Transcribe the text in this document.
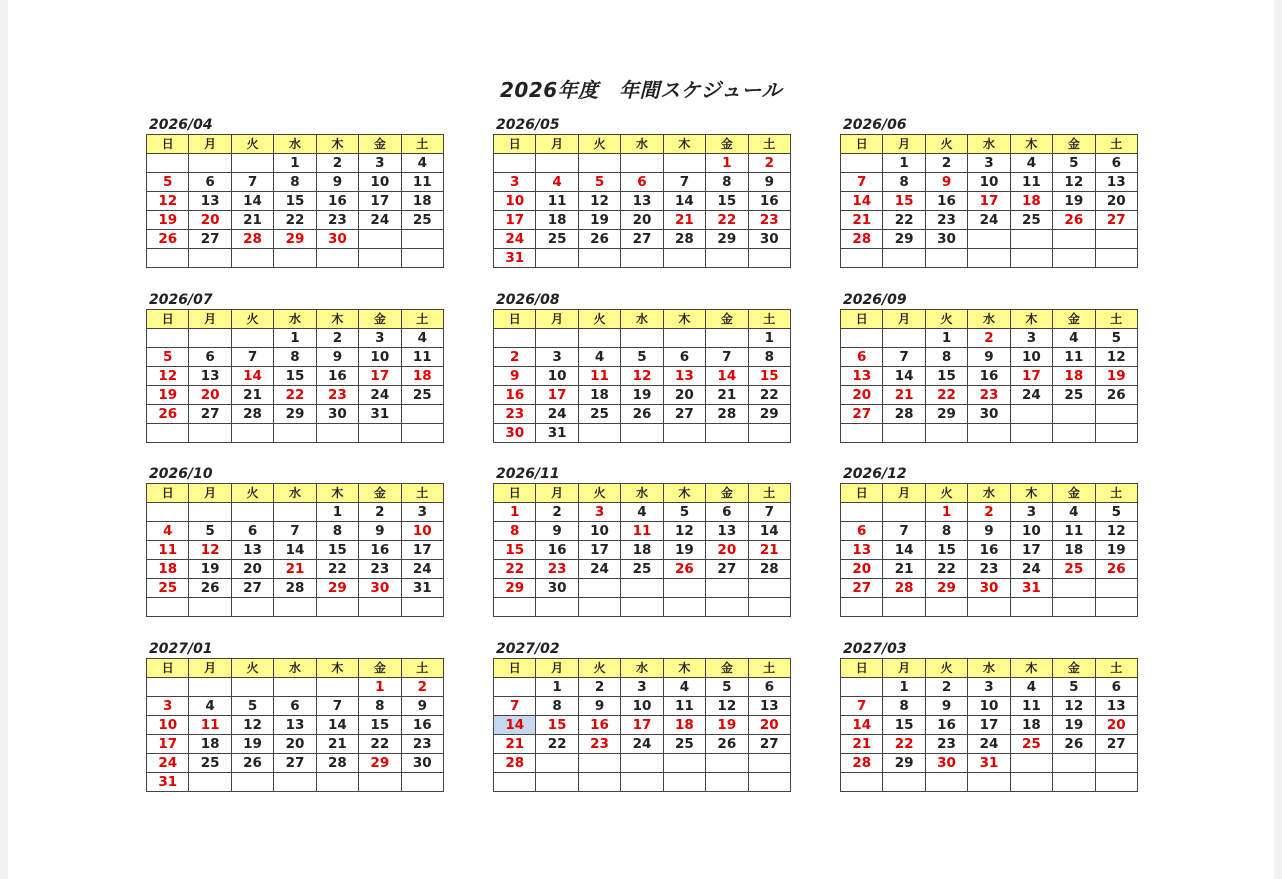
2026年度　年間スケジュール
2026/04
日	月	火	水	木	金	土
			1	2	3	4
5	6	7	8	9	10	11
12	13	14	15	16	17	18
19	20	21	22	23	24	25
26	27	28	29	30		

2026/05
日	月	火	水	木	金	土
					1	2
3	4	5	6	7	8	9
10	11	12	13	14	15	16
17	18	19	20	21	22	23
24	25	26	27	28	29	30
31						
2026/06
日	月	火	水	木	金	土
	1	2	3	4	5	6
7	8	9	10	11	12	13
14	15	16	17	18	19	20
21	22	23	24	25	26	27
28	29	30				

2026/07
日	月	火	水	木	金	土
			1	2	3	4
5	6	7	8	9	10	11
12	13	14	15	16	17	18
19	20	21	22	23	24	25
26	27	28	29	30	31	

2026/08
日	月	火	水	木	金	土
						1
2	3	4	5	6	7	8
9	10	11	12	13	14	15
16	17	18	19	20	21	22
23	24	25	26	27	28	29
30	31					
2026/09
日	月	火	水	木	金	土
		1	2	3	4	5
6	7	8	9	10	11	12
13	14	15	16	17	18	19
20	21	22	23	24	25	26
27	28	29	30			

2026/10
日	月	火	水	木	金	土
				1	2	3
4	5	6	7	8	9	10
11	12	13	14	15	16	17
18	19	20	21	22	23	24
25	26	27	28	29	30	31

2026/11
日	月	火	水	木	金	土
1	2	3	4	5	6	7
8	9	10	11	12	13	14
15	16	17	18	19	20	21
22	23	24	25	26	27	28
29	30					

2026/12
日	月	火	水	木	金	土
		1	2	3	4	5
6	7	8	9	10	11	12
13	14	15	16	17	18	19
20	21	22	23	24	25	26
27	28	29	30	31		

2027/01
日	月	火	水	木	金	土
					1	2
3	4	5	6	7	8	9
10	11	12	13	14	15	16
17	18	19	20	21	22	23
24	25	26	27	28	29	30
31						
2027/02
日	月	火	水	木	金	土
	1	2	3	4	5	6
7	8	9	10	11	12	13
14	15	16	17	18	19	20
21	22	23	24	25	26	27
28						

2027/03
日	月	火	水	木	金	土
	1	2	3	4	5	6
7	8	9	10	11	12	13
14	15	16	17	18	19	20
21	22	23	24	25	26	27
28	29	30	31			
